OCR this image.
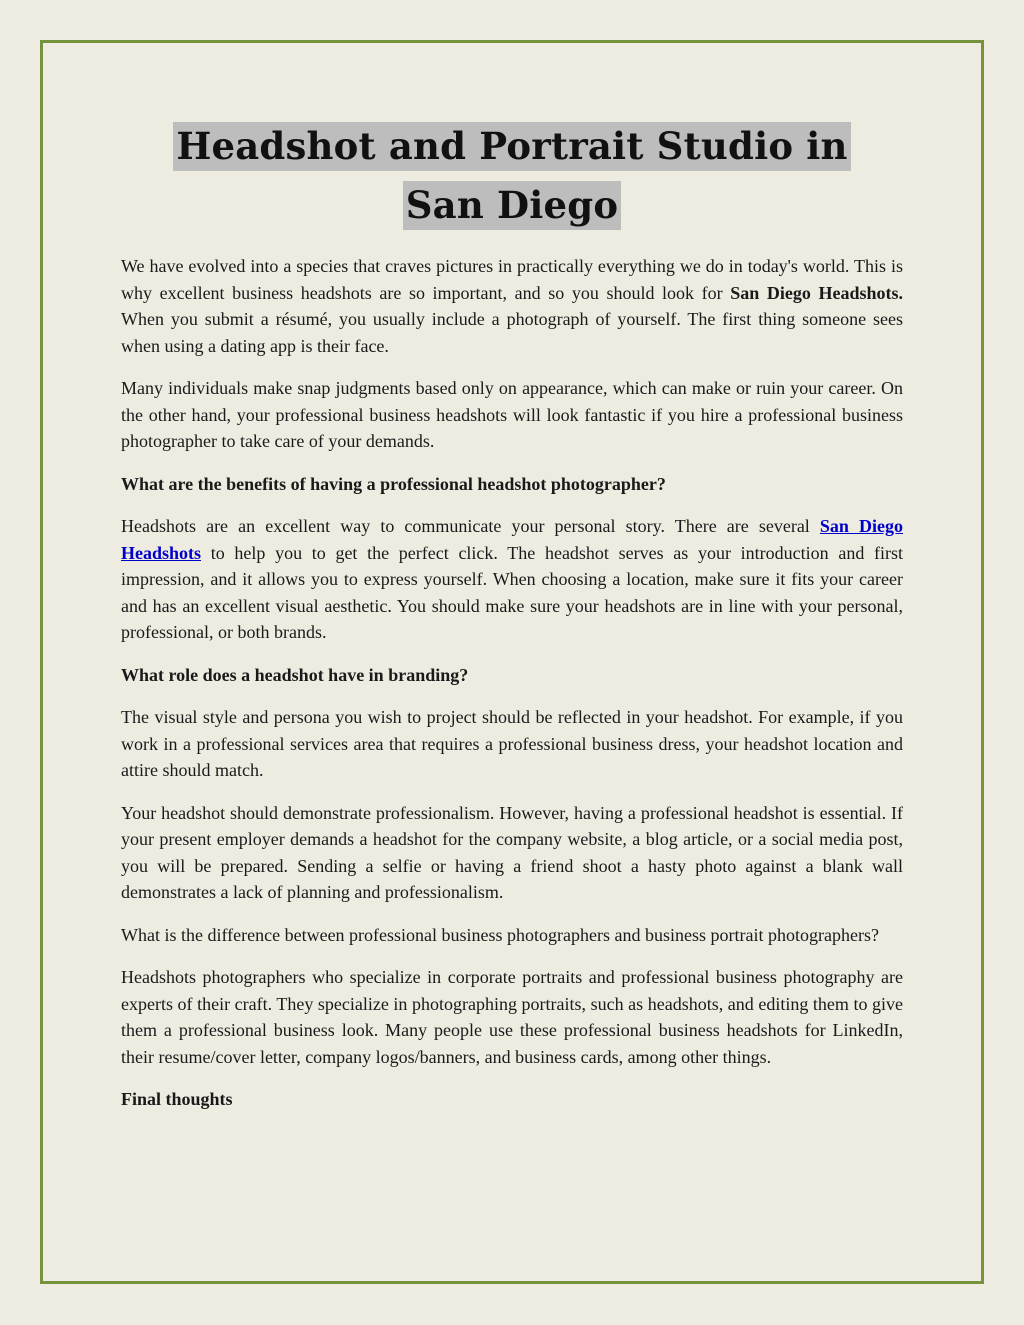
Headshot and Portrait Studio in
San Diego

We have evolved into a species that craves pictures in practically everything we do in today's world. This is why excellent business headshots are so important, and so you should look for San Diego Headshots. When you submit a résumé, you usually include a photograph of yourself. The first thing someone sees when using a dating app is their face.

Many individuals make snap judgments based only on appearance, which can make or ruin your career. On the other hand, your professional business headshots will look fantastic if you hire a professional business photographer to take care of your demands.

What are the benefits of having a professional headshot photographer?

Headshots are an excellent way to communicate your personal story. There are several San Diego Headshots to help you to get the perfect click. The headshot serves as your introduction and first impression, and it allows you to express yourself. When choosing a location, make sure it fits your career and has an excellent visual aesthetic. You should make sure your headshots are in line with your personal, professional, or both brands.

What role does a headshot have in branding?

The visual style and persona you wish to project should be reflected in your headshot. For example, if you work in a professional services area that requires a professional business dress, your headshot location and attire should match.

Your headshot should demonstrate professionalism. However, having a professional headshot is essential. If your present employer demands a headshot for the company website, a blog article, or a social media post, you will be prepared. Sending a selfie or having a friend shoot a hasty photo against a blank wall demonstrates a lack of planning and professionalism.

What is the difference between professional business photographers and business portrait photographers?

Headshots photographers who specialize in corporate portraits and professional business photography are experts of their craft. They specialize in photographing portraits, such as headshots, and editing them to give them a professional business look. Many people use these professional business headshots for LinkedIn, their resume/cover letter, company logos/banners, and business cards, among other things.

Final thoughts
